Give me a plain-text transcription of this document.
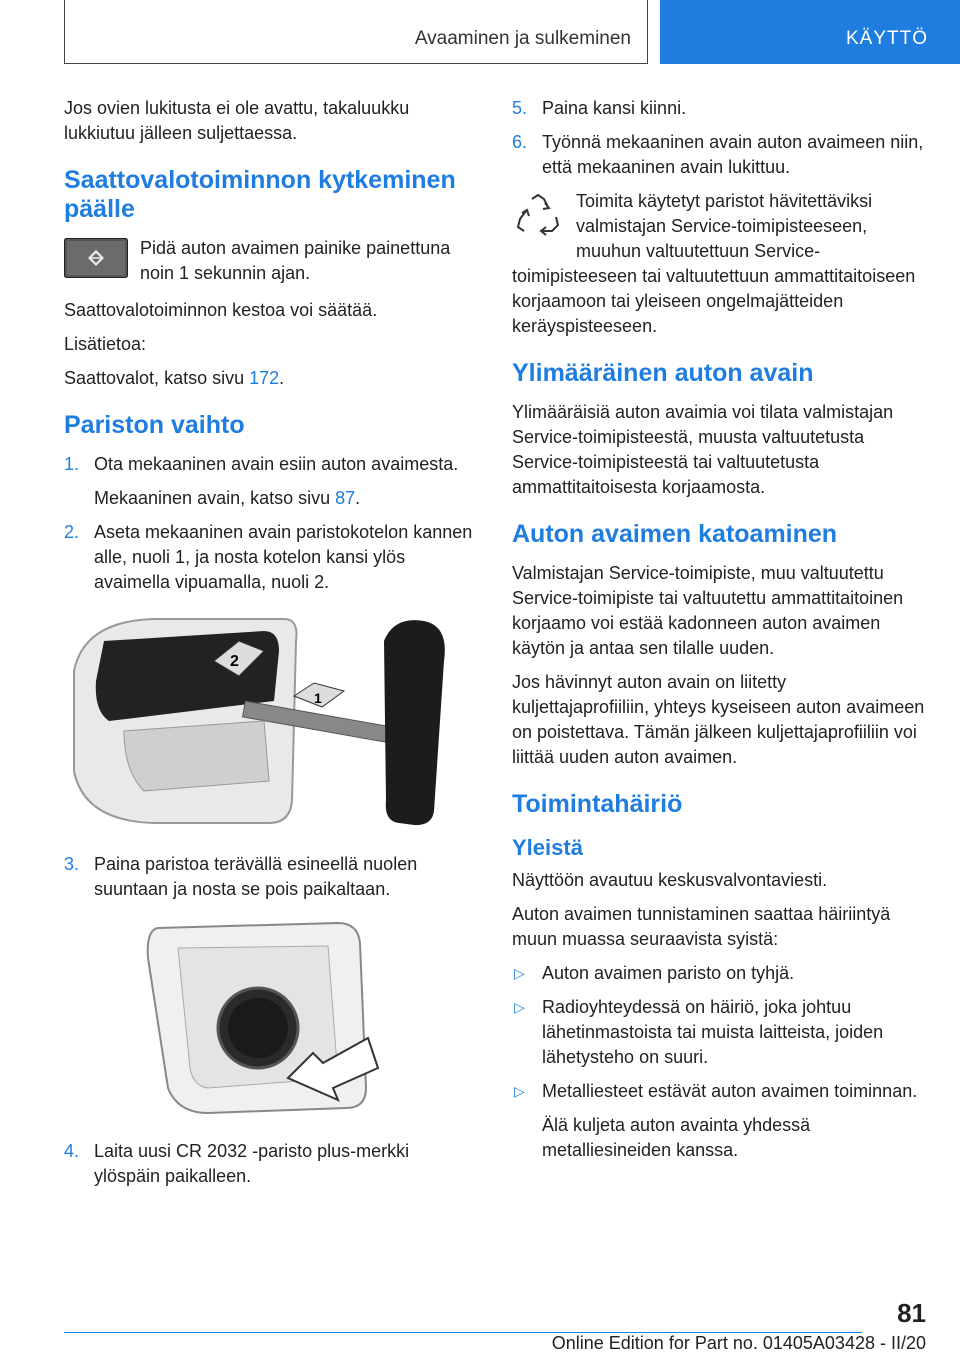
Avaaminen ja sulkeminen	KÄYTTÖ

Jos ovien lukitusta ei ole avattu, takaluukku lukkiutuu jälleen suljettaessa.

Saattovalotoiminnon kytkeminen päälle
Pidä auton avaimen painike painettuna noin 1 sekunnin ajan.

Saattovalotoiminnon kestoa voi säätää.

Lisätietoa:

Saattovalot, katso sivu 172.

Pariston vaihto
1. Ota mekaaninen avain esiin auton avaimesta.
Mekaaninen avain, katso sivu 87.
2. Aseta mekaaninen avain paristokotelon kannen alle, nuoli 1, ja nosta kotelon kansi ylös avaimella vipuamalla, nuoli 2.
2
1
3. Paina paristoa terävällä esineellä nuolen suuntaan ja nosta se pois paikaltaan.
4. Laita uusi CR 2032 -paristo plus-merkki ylöspäin paikalleen.
5. Paina kansi kiinni.
6. Työnnä mekaaninen avain auton avaimeen niin, että mekaaninen avain lukittuu.
Toimita käytetyt paristot hävitettäviksi valmistajan Service-toimipisteeseen, muuhun valtuutettuun Service-toimipisteeseen tai valtuutettuun ammattitaitoiseen korjaamoon tai yleiseen ongelmajätteiden keräyspisteeseen.
Ylimääräinen auton avain

Ylimääräisiä auton avaimia voi tilata valmistajan Service-toimipisteestä, muusta valtuutetusta Service-toimipisteestä tai valtuutetusta ammattitaitoisesta korjaamosta.

Auton avaimen katoaminen

Valmistajan Service-toimipiste, muu valtuutettu Service-toimipiste tai valtuutettu ammattitaitoinen korjaamo voi estää kadonneen auton avaimen käytön ja antaa sen tilalle uuden.

Jos hävinnyt auton avain on liitetty kuljettajaprofiiliin, yhteys kyseiseen auton avaimeen on poistettava. Tämän jälkeen kuljettajaprofiiliin voi liittää uuden auton avaimen.

Toimintahäiriö
Yleistä

Näyttöön avautuu keskusvalvontaviesti.

Auton avaimen tunnistaminen saattaa häiriintyä muun muassa seuraavista syistä:

▷ Auton avaimen paristo on tyhjä.
▷ Radioyhteydessä on häiriö, joka johtuu lähetinmastoista tai muista laitteista, joiden lähetysteho on suuri.
▷ Metalliesteet estävät auton avaimen toiminnan.
Älä kuljeta auton avainta yhdessä metalliesineiden kanssa.
81
Online Edition for Part no. 01405A03428 - II/20
